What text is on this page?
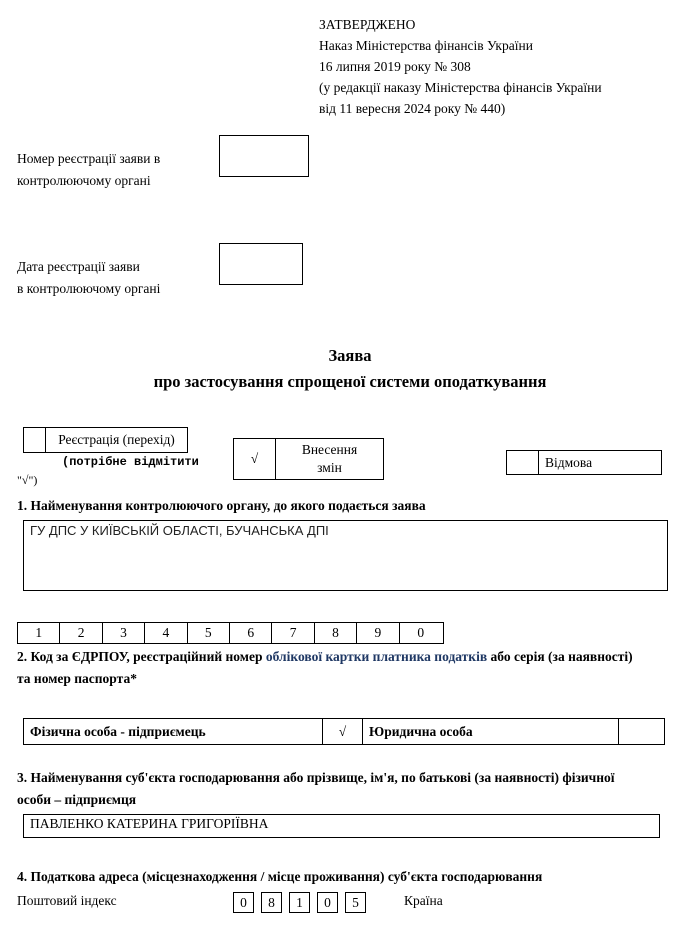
ЗАТВЕРДЖЕНО
Наказ Міністерства фінансів України
16 липня 2019 року № 308
(у редакції наказу Міністерства фінансів України
від 11 вересня 2024 року № 440)
Номер реєстрації заяви в
контролюючому органі
Дата реєстрації заяви
в контролюючому органі
Заява
про застосування спрощеної системи оподаткування
Реєстрація (перехід)
(потрібне відмітити
"√")
√
Внесення
змін	Відмова
1. Найменування контролюючого органу, до якого подається заява
ГУ ДПС У КИЇВСЬКІЙ ОБЛАСТІ, БУЧАНСЬКА ДПІ
1	2	3	4	5	6	7	8	9	0
2. Код за ЄДРПОУ, реєстраційний номер облікової картки платника податків або серія (за наявності)
та номер паспорта*
Фізична особа - підприємець	√	Юридична особа
3. Найменування суб'єкта господарювання або прізвище, ім'я, по батькові (за наявності) фізичної
особи – підприємця
ПАВЛЕНКО КАТЕРИНА ГРИГОРІЇВНА
4. Податкова адреса (місцезнаходження / місце проживання) суб'єкта господарювання
Поштовий індекс	0	8	1	0	5	Країна
